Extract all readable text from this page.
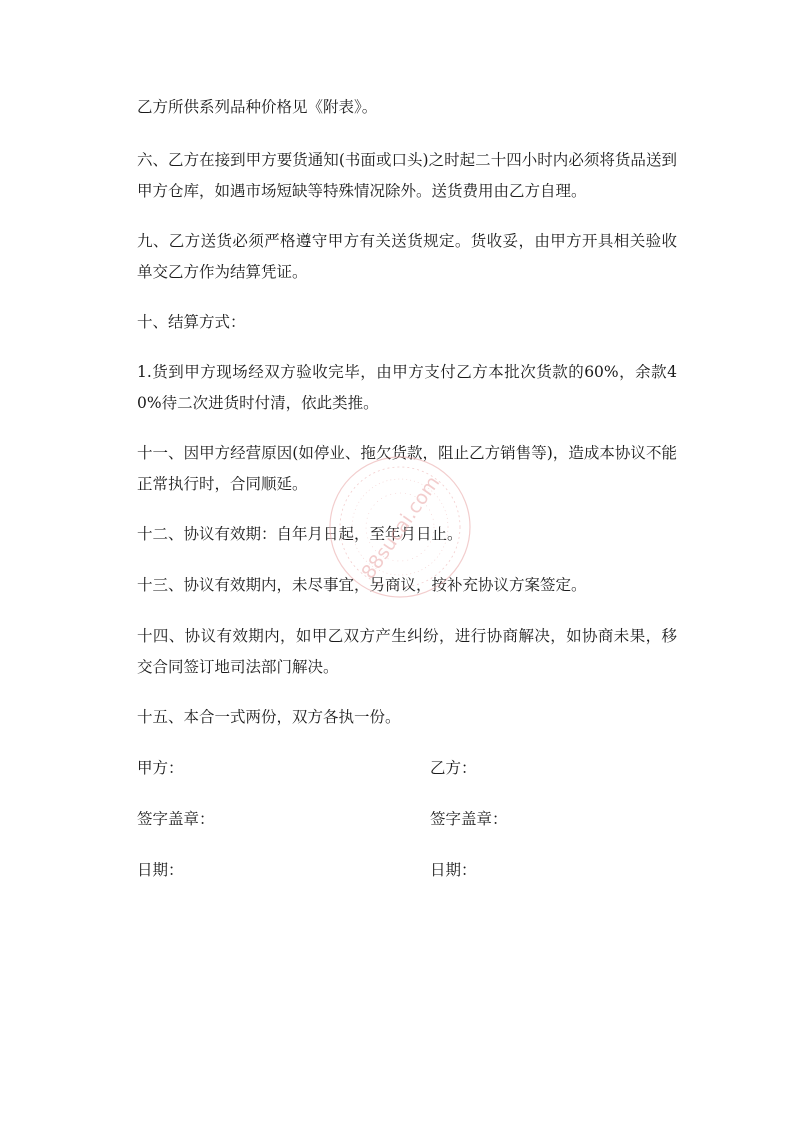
乙方所供系列品种价格见《附表》。

六、乙方在接到甲方要货通知(书面或口头)之时起二十四小时内必须将货品送到甲方仓库，如遇市场短缺等特殊情况除外。送货费用由乙方自理。

九、乙方送货必须严格遵守甲方有关送货规定。货收妥，由甲方开具相关验收单交乙方作为结算凭证。

十、结算方式：

1.货到甲方现场经双方验收完毕，由甲方支付乙方本批次货款的60%，余款40%待二次进货时付清，依此类推。

十一、因甲方经营原因(如停业、拖欠货款，阻止乙方销售等)，造成本协议不能正常执行时，合同顺延。

十二、协议有效期：自年月日起，至年月日止。

十三、协议有效期内，未尽事宜，另商议，按补充协议方案签定。

十四、协议有效期内，如甲乙双方产生纠纷，进行协商解决，如协商未果，移交合同签订地司法部门解决。

十五、本合一式两份，双方各执一份。

甲方：	乙方：
签字盖章：	签字盖章：
日期：	日期：
88sucai.com
